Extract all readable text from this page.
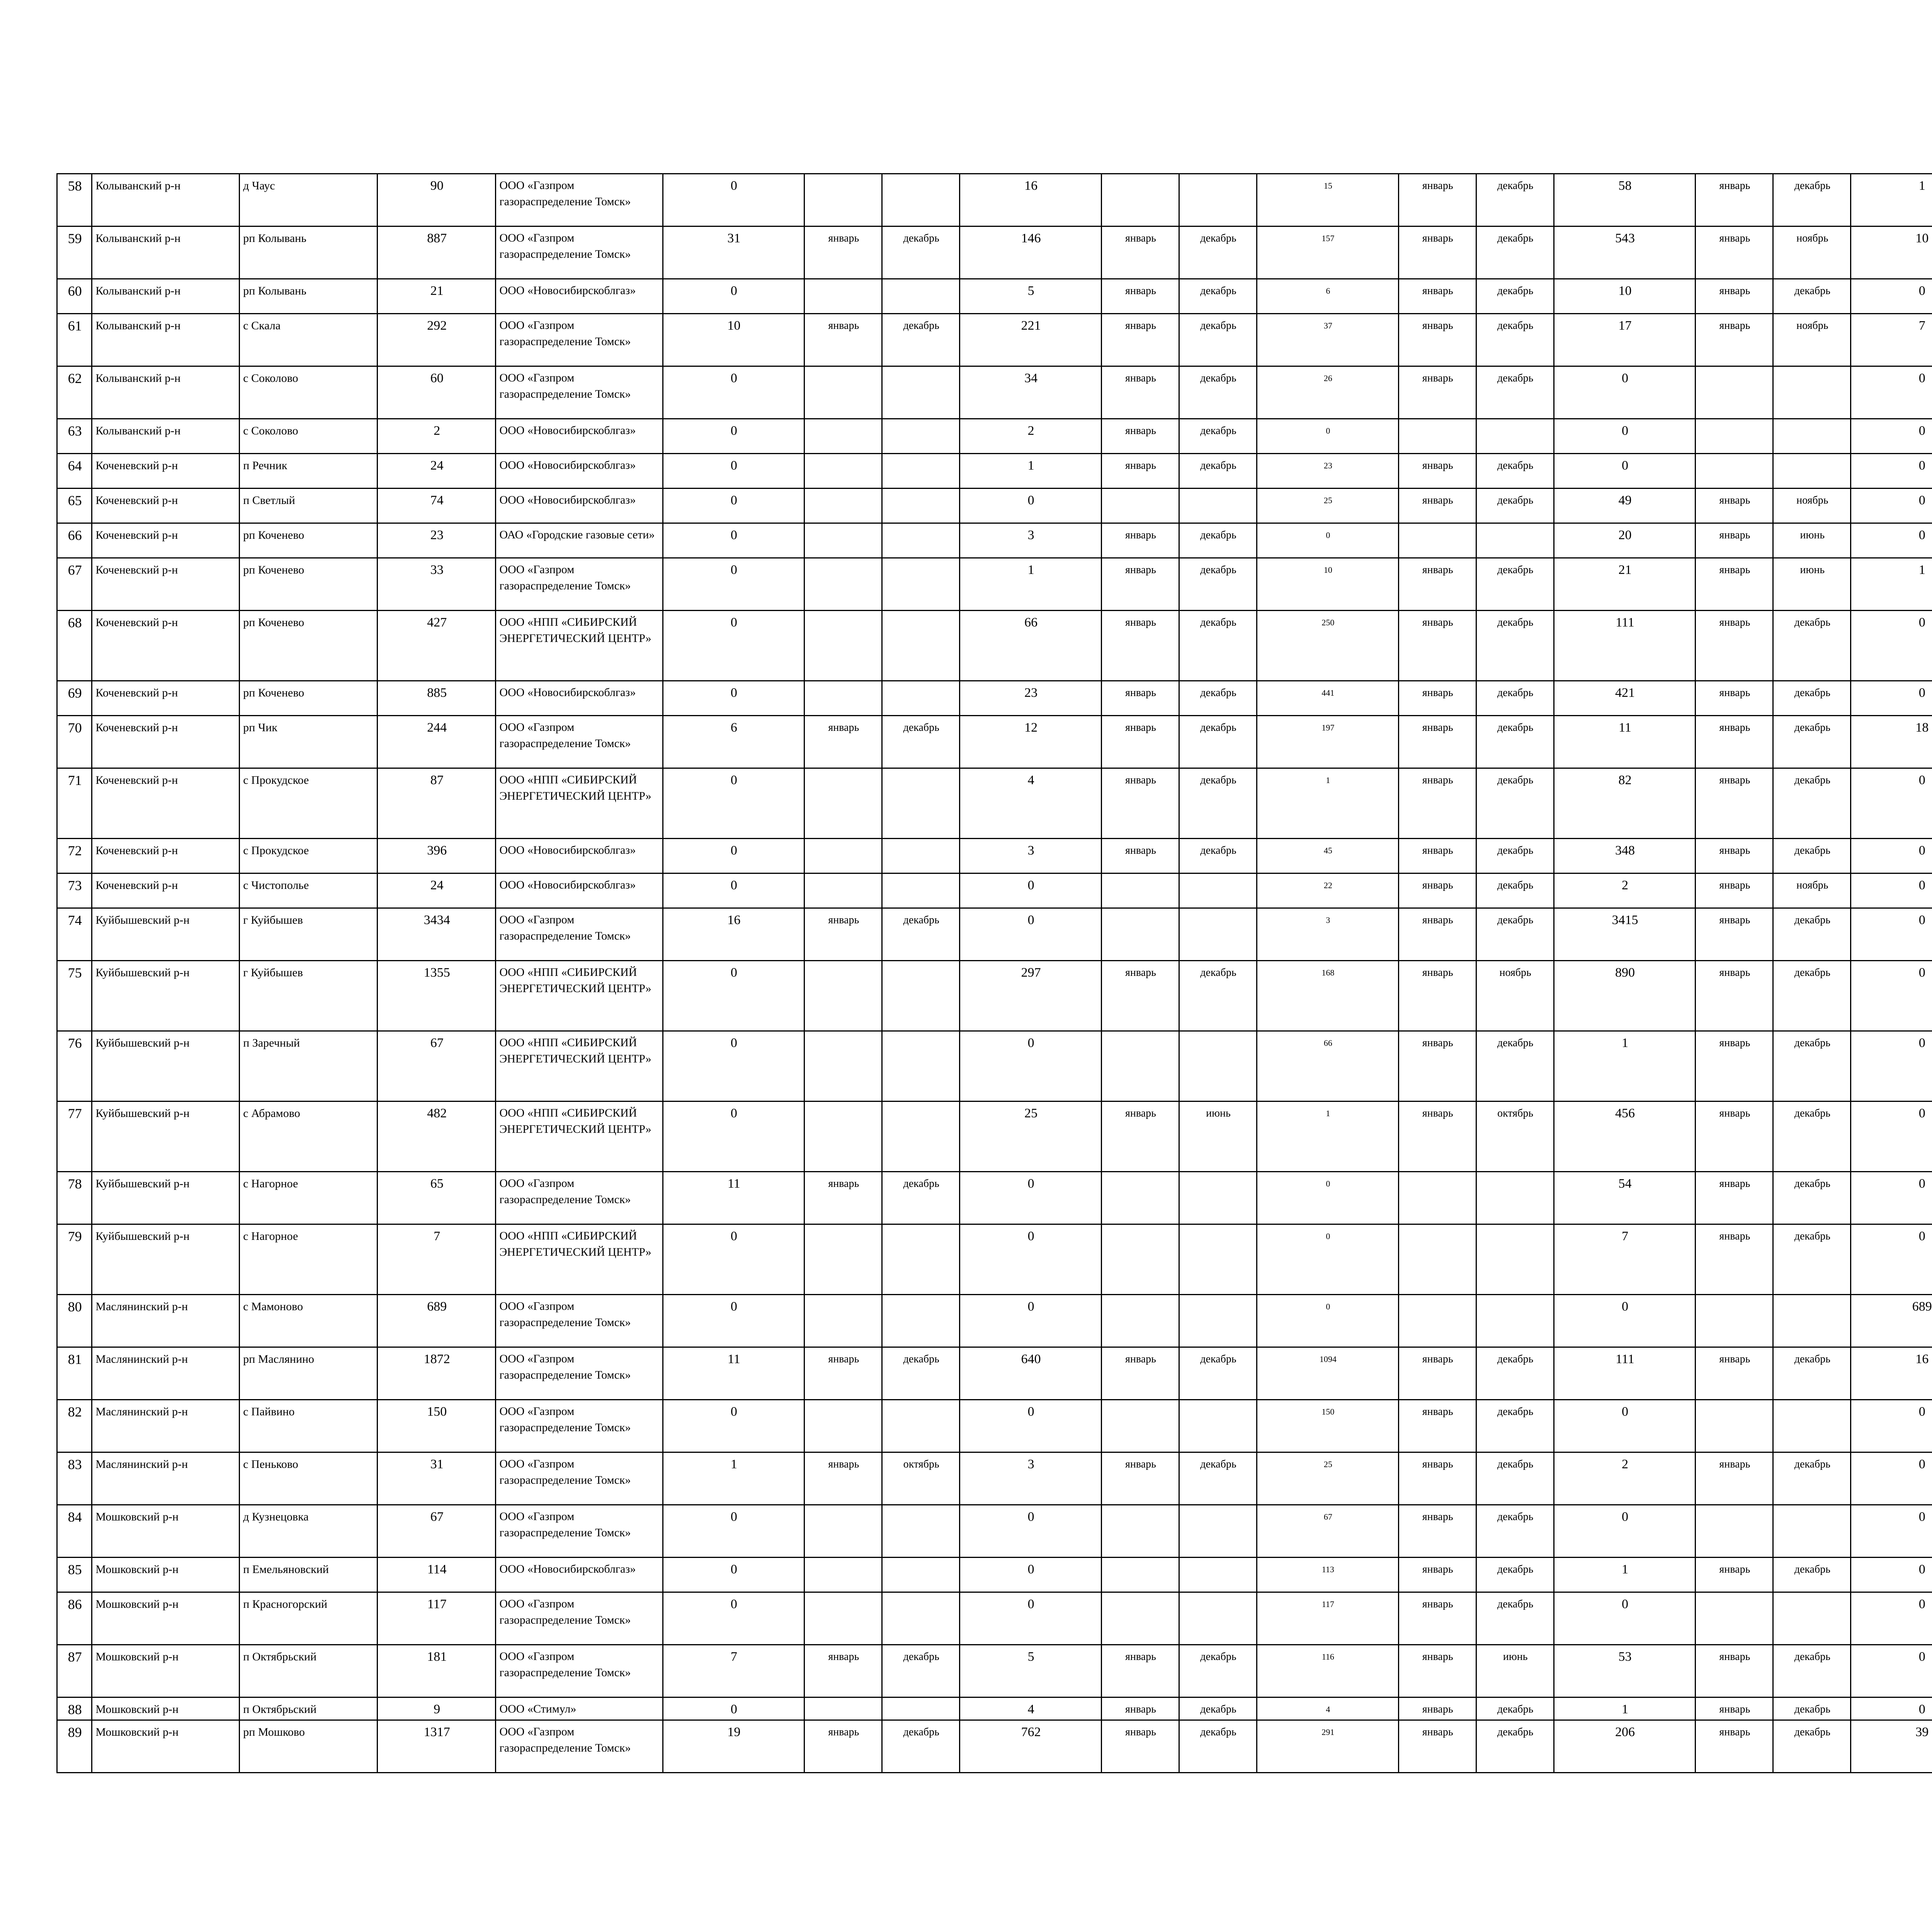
58	Колыванский р-н	д Чаус	90	ООО «Газпром газораспределение Томск»	0			16			15	январь	декабрь	58	январь	декабрь	1								
59	Колыванский р-н	рп Колывань	887	ООО «Газпром газораспределение Томск»	31	январь	декабрь	146	январь	декабрь	157	январь	декабрь	543	январь	ноябрь	10								
60	Колыванский р-н	рп Колывань	21	ООО «Новосибирскоблгаз»	0			5	январь	декабрь	6	январь	декабрь	10	январь	декабрь	0								
61	Колыванский р-н	с Скала	292	ООО «Газпром газораспределение Томск»	10	январь	декабрь	221	январь	декабрь	37	январь	декабрь	17	январь	ноябрь	7								
62	Колыванский р-н	с Соколово	60	ООО «Газпром газораспределение Томск»	0			34	январь	декабрь	26	январь	декабрь	0			0								
63	Колыванский р-н	с Соколово	2	ООО «Новосибирскоблгаз»	0			2	январь	декабрь	0			0			0								
64	Коченевский р-н	п Речник	24	ООО «Новосибирскоблгаз»	0			1	январь	декабрь	23	январь	декабрь	0			0								
65	Коченевский р-н	п Светлый	74	ООО «Новосибирскоблгаз»	0			0			25	январь	декабрь	49	январь	ноябрь	0								
66	Коченевский р-н	рп Коченево	23	ОАО «Городские газовые сети»	0			3	январь	декабрь	0			20	январь	июнь	0								
67	Коченевский р-н	рп Коченево	33	ООО «Газпром газораспределение Томск»	0			1	январь	декабрь	10	январь	декабрь	21	январь	июнь	1								
68	Коченевский р-н	рп Коченево	427	ООО «НПП «СИБИРСКИЙ ЭНЕРГЕТИЧЕСКИЙ ЦЕНТР»	0			66	январь	декабрь	250	январь	декабрь	111	январь	декабрь	0								
69	Коченевский р-н	рп Коченево	885	ООО «Новосибирскоблгаз»	0			23	январь	декабрь	441	январь	декабрь	421	январь	декабрь	0								
70	Коченевский р-н	рп Чик	244	ООО «Газпром газораспределение Томск»	6	январь	декабрь	12	январь	декабрь	197	январь	декабрь	11	январь	декабрь	18								
71	Коченевский р-н	с Прокудское	87	ООО «НПП «СИБИРСКИЙ ЭНЕРГЕТИЧЕСКИЙ ЦЕНТР»	0			4	январь	декабрь	1	январь	декабрь	82	январь	декабрь	0								
72	Коченевский р-н	с Прокудское	396	ООО «Новосибирскоблгаз»	0			3	январь	декабрь	45	январь	декабрь	348	январь	декабрь	0								
73	Коченевский р-н	с Чистополье	24	ООО «Новосибирскоблгаз»	0			0			22	январь	декабрь	2	январь	ноябрь	0								
74	Куйбышевский р-н	г Куйбышев	3434	ООО «Газпром газораспределение Томск»	16	январь	декабрь	0			3	январь	декабрь	3415	январь	декабрь	0								
75	Куйбышевский р-н	г Куйбышев	1355	ООО «НПП «СИБИРСКИЙ ЭНЕРГЕТИЧЕСКИЙ ЦЕНТР»	0			297	январь	декабрь	168	январь	ноябрь	890	январь	декабрь	0								
76	Куйбышевский р-н	п Заречный	67	ООО «НПП «СИБИРСКИЙ ЭНЕРГЕТИЧЕСКИЙ ЦЕНТР»	0			0			66	январь	декабрь	1	январь	декабрь	0								
77	Куйбышевский р-н	с Абрамово	482	ООО «НПП «СИБИРСКИЙ ЭНЕРГЕТИЧЕСКИЙ ЦЕНТР»	0			25	январь	июнь	1	январь	октябрь	456	январь	декабрь	0								
78	Куйбышевский р-н	с Нагорное	65	ООО «Газпром газораспределение Томск»	11	январь	декабрь	0			0			54	январь	декабрь	0								
79	Куйбышевский р-н	с Нагорное	7	ООО «НПП «СИБИРСКИЙ ЭНЕРГЕТИЧЕСКИЙ ЦЕНТР»	0			0			0			7	январь	декабрь	0								
80	Маслянинский р-н	с Мамоново	689	ООО «Газпром газораспределение Томск»	0			0			0			0			689								
81	Маслянинский р-н	рп Маслянино	1872	ООО «Газпром газораспределение Томск»	11	январь	декабрь	640	январь	декабрь	1094	январь	декабрь	111	январь	декабрь	16								
82	Маслянинский р-н	с Пайвино	150	ООО «Газпром газораспределение Томск»	0			0			150	январь	декабрь	0			0								
83	Маслянинский р-н	с Пеньково	31	ООО «Газпром газораспределение Томск»	1	январь	октябрь	3	январь	декабрь	25	январь	декабрь	2	январь	декабрь	0								
84	Мошковский р-н	д Кузнецовка	67	ООО «Газпром газораспределение Томск»	0			0			67	январь	декабрь	0			0								
85	Мошковский р-н	п Емельяновский	114	ООО «Новосибирскоблгаз»	0			0			113	январь	декабрь	1	январь	декабрь	0								
86	Мошковский р-н	п Красногорский	117	ООО «Газпром газораспределение Томск»	0			0			117	январь	декабрь	0			0								
87	Мошковский р-н	п Октябрьский	181	ООО «Газпром газораспределение Томск»	7	январь	декабрь	5	январь	декабрь	116	январь	июнь	53	январь	декабрь	0								
88	Мошковский р-н	п Октябрьский	9	ООО «Стимул»	0			4	январь	декабрь	4	январь	декабрь	1	январь	декабрь	0								
89	Мошковский р-н	рп Мошково	1317	ООО «Газпром газораспределение Томск»	19	январь	декабрь	762	январь	декабрь	291	январь	декабрь	206	январь	декабрь	39								
